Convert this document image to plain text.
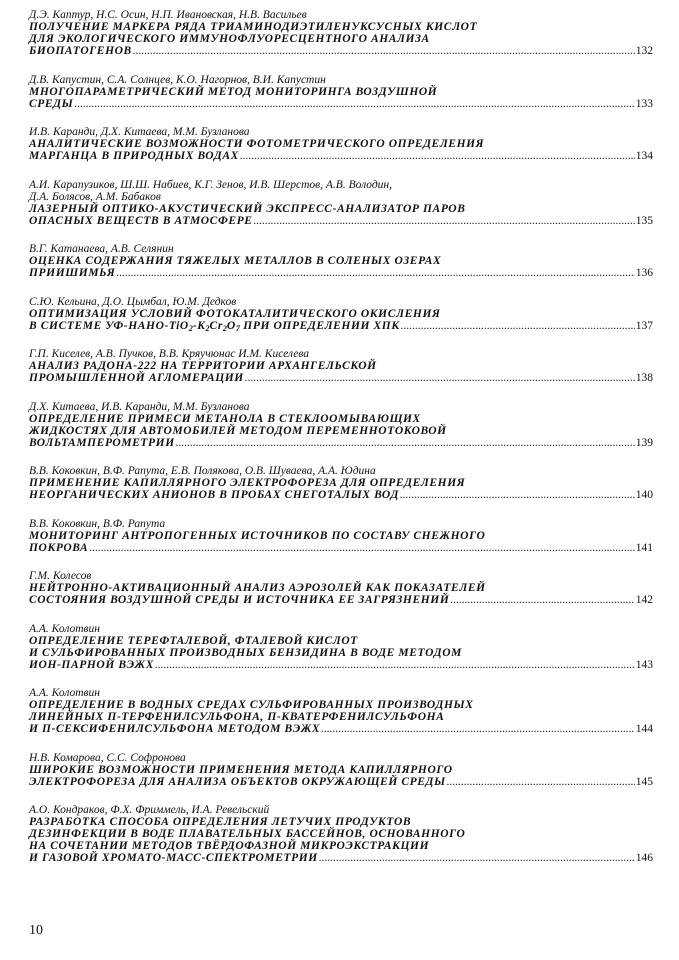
Д.Э. Каптур, Н.С. Осин, Н.П. Ивановская, Н.В. Васильев
ПОЛУЧЕНИЕ МАРКЕРА РЯДА ТРИАМИНОДИЭТИЛЕНУКСУСНЫХ КИСЛОТ
ДЛЯ ЭКОЛОГИЧЕСКОГО ИММУНОФЛУОРЕСЦЕНТНОГО АНАЛИЗА
БИОПАТОГЕНОВ .....	132
Д.В. Капустин, С.А. Солнцев, К.О. Нагорнов, В.И. Капустин
МНОГОПАРАМЕТРИЧЕСКИЙ МЕТОД МОНИТОРИНГА ВОЗДУШНОЙ
СРЕДЫ .....	133
И.В. Каранди, Д.Х. Китаева, М.М. Бузланова
АНАЛИТИЧЕСКИЕ ВОЗМОЖНОСТИ ФОТОМЕТРИЧЕСКОГО ОПРЕДЕЛЕНИЯ
МАРГАНЦА В ПРИРОДНЫХ ВОДАХ .....	134
А.И. Карапузиков, Ш.Ш. Набиев, К.Г. Зенов, И.В. Шерстов, А.В. Володин,
Д.А. Болясов, А.М. Бабаков
ЛАЗЕРНЫЙ ОПТИКО-АКУСТИЧЕСКИЙ ЭКСПРЕСС-АНАЛИЗАТОР ПАРОВ
ОПАСНЫХ ВЕЩЕСТВ В АТМОСФЕРЕ .....	135
В.Г. Катанаева, А.В. Селянин
ОЦЕНКА СОДЕРЖАНИЯ ТЯЖЕЛЫХ МЕТАЛЛОВ В СОЛЕНЫХ ОЗЕРАХ
ПРИИШИМЬЯ .....	136
С.Ю. Кельина, Д.О. Цымбал, Ю.М. Дедков
ОПТИМИЗАЦИЯ УСЛОВИЙ ФОТОКАТАЛИТИЧЕСКОГО ОКИСЛЕНИЯ
В СИСТЕМЕ $УФ-НАНО-TiO_2-K_2Cr_2O_7$ ПРИ ОПРЕДЕЛЕНИИ ХПК .....	137
Г.П. Киселев, А.В. Пучков, В.В. Кряучюнас И.М. Киселева
АНАЛИЗ РАДОНА-222 НА ТЕРРИТОРИИ АРХАНГЕЛЬСКОЙ
ПРОМЫШЛЕННОЙ АГЛОМЕРАЦИИ .....	138
Д.Х. Китаева, И.В. Каранди, М.М. Бузланова
ОПРЕДЕЛЕНИЕ ПРИМЕСИ МЕТАНОЛА В СТЕКЛООМЫВАЮЩИХ
ЖИДКОСТЯХ ДЛЯ АВТОМОБИЛЕЙ МЕТОДОМ ПЕРЕМЕННОТОКОВОЙ
ВОЛЬТАМПЕРОМЕТРИИ .....	139
В.В. Коковкин, В.Ф. Рапута, Е.В. Полякова, О.В. Шуваева, А.А. Юдина
ПРИМЕНЕНИЕ КАПИЛЛЯРНОГО ЭЛЕКТРОФОРЕЗА ДЛЯ ОПРЕДЕЛЕНИЯ
НЕОРГАНИЧЕСКИХ АНИОНОВ В ПРОБАХ СНЕГОТАЛЫХ ВОД .....	140
В.В. Коковкин, В.Ф. Рапута
МОНИТОРИНГ АНТРОПОГЕННЫХ ИСТОЧНИКОВ ПО СОСТАВУ СНЕЖНОГО
ПОКРОВА .....	141
Г.М. Колесов
НЕЙТРОННО-АКТИВАЦИОННЫЙ АНАЛИЗ АЭРОЗОЛЕЙ КАК ПОКАЗАТЕЛЕЙ
СОСТОЯНИЯ ВОЗДУШНОЙ СРЕДЫ И ИСТОЧНИКА ЕЕ ЗАГРЯЗНЕНИЙ .....	142
А.А. Колотвин
ОПРЕДЕЛЕНИЕ ТЕРЕФТАЛЕВОЙ, ФТАЛЕВОЙ КИСЛОТ
И СУЛЬФИРОВАННЫХ ПРОИЗВОДНЫХ БЕНЗИДИНА В ВОДЕ МЕТОДОМ
ИОН-ПАРНОЙ ВЭЖХ .....	143
А.А. Колотвин
ОПРЕДЕЛЕНИЕ В ВОДНЫХ СРЕДАХ СУЛЬФИРОВАННЫХ ПРОИЗВОДНЫХ
ЛИНЕЙНЫХ П-ТЕРФЕНИЛСУЛЬФОНА, П-КВАТЕРФЕНИЛСУЛЬФОНА
И П-СЕКСИФЕНИЛСУЛЬФОНА МЕТОДОМ ВЭЖХ .....	144
Н.В. Комарова, С.С. Софронова
ШИРОКИЕ ВОЗМОЖНОСТИ ПРИМЕНЕНИЯ МЕТОДА КАПИЛЛЯРНОГО
ЭЛЕКТРОФОРЕЗА ДЛЯ АНАЛИЗА ОБЪЕКТОВ ОКРУЖАЮЩЕЙ СРЕДЫ .....	145
А.О. Кондраков, Ф.Х. Фриммель, И.А. Ревельский
РАЗРАБОТКА СПОСОБА ОПРЕДЕЛЕНИЯ ЛЕТУЧИХ ПРОДУКТОВ
ДЕЗИНФЕКЦИИ В ВОДЕ ПЛАВАТЕЛЬНЫХ БАССЕЙНОВ, ОСНОВАННОГО
НА СОЧЕТАНИИ МЕТОДОВ ТВЁРДОФАЗНОЙ МИКРОЭКСТРАКЦИИ
И ГАЗОВОЙ ХРОМАТО-МАСС-СПЕКТРОМЕТРИИ .....	146
10
